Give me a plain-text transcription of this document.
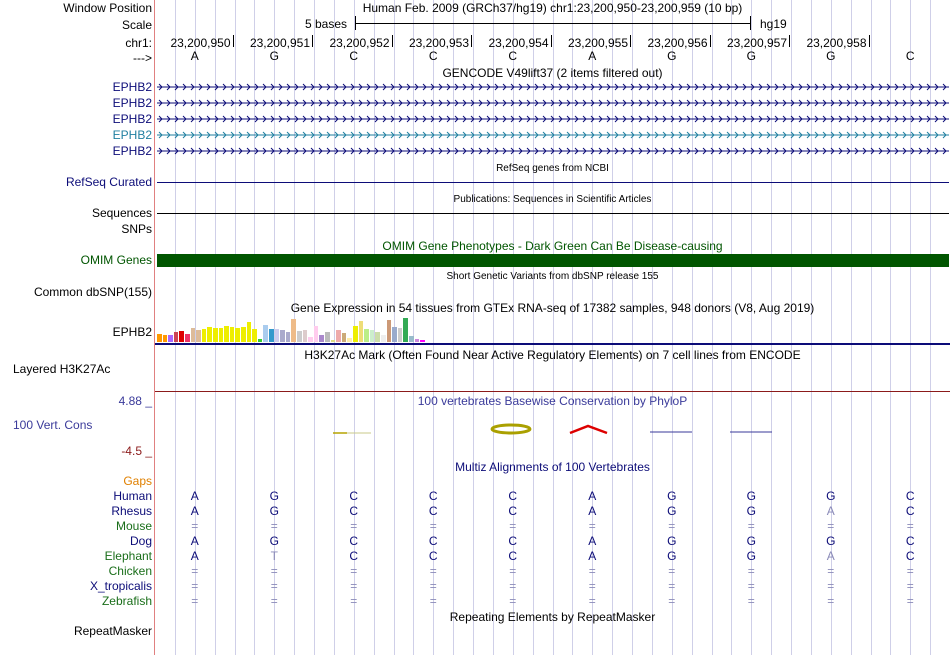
Window Position	Human Feb. 2009 (GRCh37/hg19) chr1:23,200,950-23,200,959 (10 bp)
Scale	5 bases	hg19
chr1: 23,200,950 23,200,951 23,200,952 23,200,953 23,200,954 23,200,955 23,200,956 23,200,957 23,200,958
--->	A	G	C	C	C	A	G	G	G	C
GENCODE V49lift37 (2 items filtered out)
EPHB2
EPHB2
EPHB2
EPHB2
EPHB2
RefSeq genes from NCBI
RefSeq Curated
Publications: Sequences in Scientific Articles
Sequences
SNPs
OMIM Gene Phenotypes - Dark Green Can Be Disease-causing
OMIM Genes
Short Genetic Variants from dbSNP release 155
Common dbSNP(155)
Gene Expression in 54 tissues from GTEx RNA-seq of 17382 samples, 948 donors (V8, Aug 2019)
EPHB2
H3K27Ac Mark (Often Found Near Active Regulatory Elements) on 7 cell lines from ENCODE
Layered H3K27Ac
100 vertebrates Basewise Conservation by PhyloP
4.88 _
100 Vert. Cons
-4.5 _
Multiz Alignments of 100 Vertebrates
Gaps
Human	A	G	C	C	C	A	G	G	G	C
Rhesus	A	G	C	C	C	A	G	G	A	C
Mouse	=	=	=	=	=	=	=	=	=	=
Dog	A	G	C	C	C	A	G	G	G	C
Elephant	A	T	C	C	C	A	G	G	A	C
Chicken	=	=	=	=	=	=	=	=	=	=
X_tropicalis	=	=	=	=	=	=	=	=	=	=
Zebrafish	=	=	=	=	=	=	=	=	=	=
Repeating Elements by RepeatMasker
RepeatMasker
